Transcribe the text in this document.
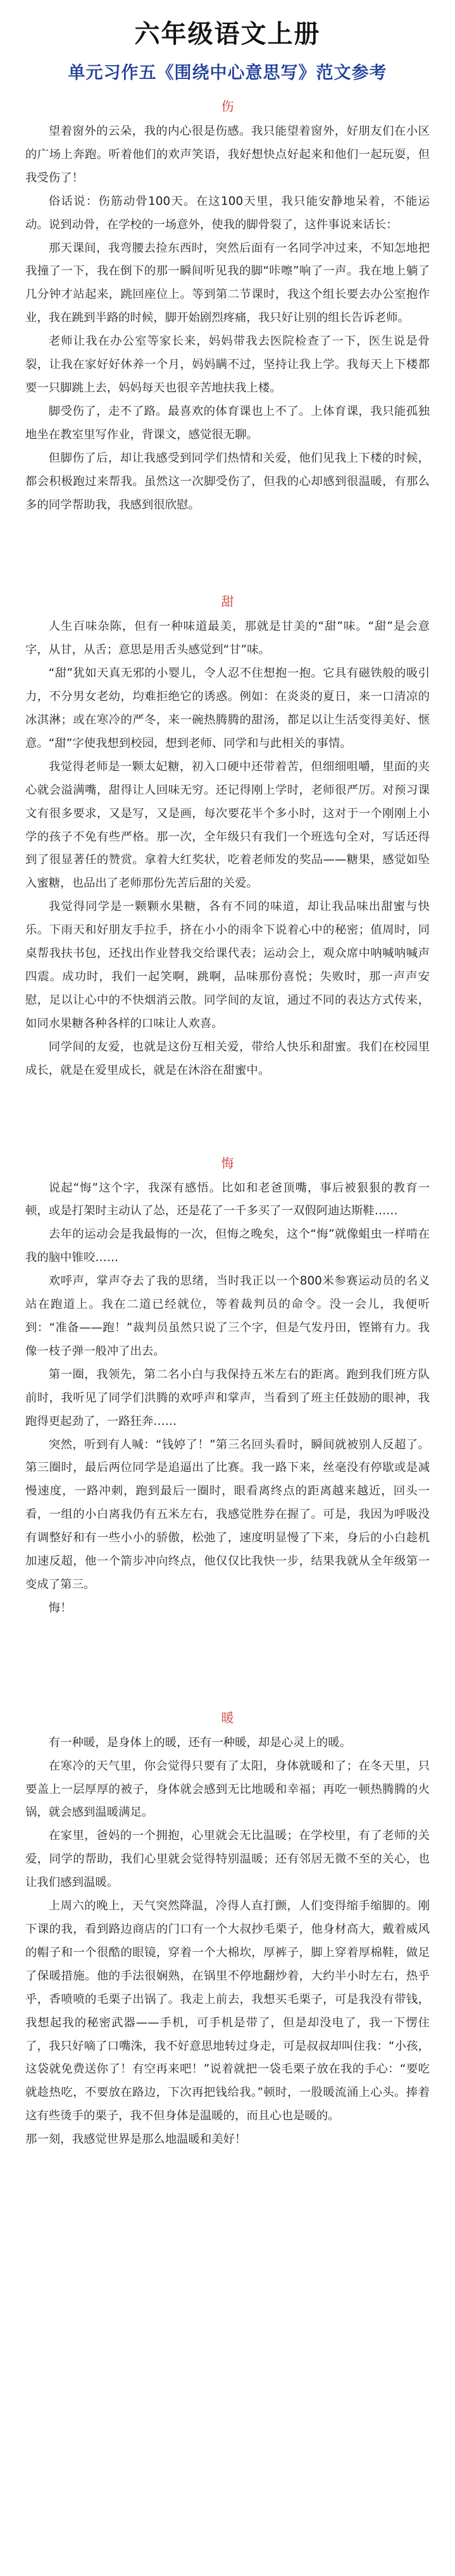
六年级语文上册
单元习作五《围绕中心意思写》范文参考
伤

望着窗外的云朵，我的内心很是伤感。我只能望着窗外，好朋友们在小区的广场上奔跑。听着他们的欢声笑语，我好想快点好起来和他们一起玩耍，但我受伤了！

俗话说：伤筋动骨100天。在这100天里，我只能安静地呆着，不能运动。说到动骨，在学校的一场意外，使我的脚骨裂了，这件事说来话长：

那天课间，我弯腰去捡东西时，突然后面有一名同学冲过来，不知怎地把我撞了一下，我在倒下的那一瞬间听见我的脚“咔嚓”响了一声。我在地上躺了几分钟才站起来，跳回座位上。等到第二节课时，我这个组长要去办公室抱作业，我在跳到半路的时候，脚开始剧烈疼痛，我只好让别的组长告诉老师。

老师让我在办公室等家长来，妈妈带我去医院检查了一下，医生说是骨裂，让我在家好好休养一个月，妈妈瞒不过，坚持让我上学。我每天上下楼都要一只脚跳上去，妈妈每天也很辛苦地扶我上楼。

脚受伤了，走不了路。最喜欢的体育课也上不了。上体育课，我只能孤独地坐在教室里写作业，背课文，感觉很无聊。

但脚伤了后，却让我感受到同学们热情和关爱，他们见我上下楼的时候，都会积极跑过来帮我。虽然这一次脚受伤了，但我的心却感到很温暖，有那么多的同学帮助我，我感到很欣慰。

甜

人生百味杂陈，但有一种味道最美，那就是甘美的“甜”味。“甜”是会意字，从甘，从舌；意思是用舌头感觉到“甘”味。

“甜”犹如天真无邪的小婴儿，令人忍不住想抱一抱。它具有磁铁般的吸引力，不分男女老幼，均难拒绝它的诱惑。例如：在炎炎的夏日，来一口清凉的冰淇淋；或在寒冷的严冬，来一碗热腾腾的甜汤，都足以让生活变得美好、惬意。“甜”字使我想到校园，想到老师、同学和与此相关的事情。

我觉得老师是一颗太妃糖，初入口硬中还带着苦，但细细咀嚼，里面的夹心就会溢满嘴，甜得让人回味无穷。还记得刚上学时，老师很严厉。对预习课文有很多要求，又是写，又是画，每次要花半个多小时，这对于一个刚刚上小学的孩子不免有些严格。那一次，全年级只有我们一个班选句全对，写话还得到了很显著任的赞赏。拿着大红奖状，吃着老师发的奖品——糖果，感觉如坠入蜜糖，也品出了老师那份先苦后甜的关爱。

我觉得同学是一颗颗水果糖，各有不同的味道，却让我品味出甜蜜与快乐。下雨天和好朋友手拉手，挤在小小的雨伞下说着心中的秘密；值周时，同桌帮我扶书包，还找出作业替我交给课代表；运动会上，观众席中呐喊呐喊声四震。成功时，我们一起笑啊，跳啊，品味那份喜悦；失败时，那一声声安慰，足以让心中的不快烟消云散。同学间的友谊，通过不同的表达方式传来，如同水果糖各种各样的口味让人欢喜。

同学间的友爱，也就是这份互相关爱，带给人快乐和甜蜜。我们在校园里成长，就是在爱里成长，就是在沐浴在甜蜜中。

悔

说起“悔”这个字，我深有感悟。比如和老爸顶嘴，事后被狠狠的教育一顿，或是打架时主动认了怂，还是花了一千多买了一双假阿迪达斯鞋……

去年的运动会是我最悔的一次，但悔之晚矣，这个“悔”就像蛆虫一样啃在我的脑中锥咬……

欢呼声，掌声夺去了我的思绪，当时我正以一个800米参赛运动员的名义站在跑道上。我在二道已经就位，等着裁判员的命令。没一会儿，我便听到：“准备——跑！”裁判员虽然只说了三个字，但是气发丹田，铿锵有力。我像一枝子弹一般冲了出去。

第一圈，我领先，第二名小白与我保持五米左右的距离。跑到我们班方队前时，我听见了同学们洪腾的欢呼声和掌声，当看到了班主任鼓励的眼神，我跑得更起劲了，一路狂奔……

突然，听到有人喊：“钱婷了！”第三名回头看时，瞬间就被别人反超了。第三圈时，最后两位同学是追逼出了比赛。我一路下来，丝毫没有停歇或是减慢速度，一路冲刺，跑到最后一圈时，眼看离终点的距离越来越近，回头一看，一组的小白离我仍有五米左右，我感觉胜券在握了。可是，我因为呼吸没有调整好和有一些小小的骄傲，松弛了，速度明显慢了下来，身后的小白趁机加速反超，他一个箭步冲向终点，他仅仅比我快一步，结果我就从全年级第一变成了第三。

悔！

暖

有一种暖，是身体上的暖，还有一种暖，却是心灵上的暖。

在寒冷的天气里，你会觉得只要有了太阳，身体就暖和了；在冬天里，只要盖上一层厚厚的被子，身体就会感到无比地暖和幸福；再吃一顿热腾腾的火锅，就会感到温暖满足。

在家里，爸妈的一个拥抱，心里就会无比温暖；在学校里，有了老师的关爱，同学的帮助，我们心里就会觉得特别温暖；还有邻居无微不至的关心，也让我们感到温暖。

上周六的晚上，天气突然降温，冷得人直打颤，人们变得缩手缩脚的。刚下课的我，看到路边商店的门口有一个大叔抄毛栗子，他身材高大，戴着威风的帽子和一个很酷的眼镜，穿着一个大棉坎，厚裤子，脚上穿着厚棉鞋，做足了保暖措施。他的手法很娴熟，在锅里不停地翻炒着，大约半小时左右，热乎乎，香喷喷的毛栗子出锅了。我走上前去，我想买毛栗子，可是我没有带钱，我想起我的秘密武器——手机，可手机是带了，但是却没电了，我一下愣住了，我只好嘀了口嘴洙，我不好意思地转过身走，可是叔叔却叫住我：“小孩，这袋就免费送你了！有空再来吧！”说着就把一袋毛栗子放在我的手心：“要吃就趁热吃，不要放在路边，下次再把钱给我。”顿时，一股暖流涌上心头。捧着这有些烫手的栗子，我不但身体是温暖的，而且心也是暖的。

那一刻，我感觉世界是那么地温暖和美好！
